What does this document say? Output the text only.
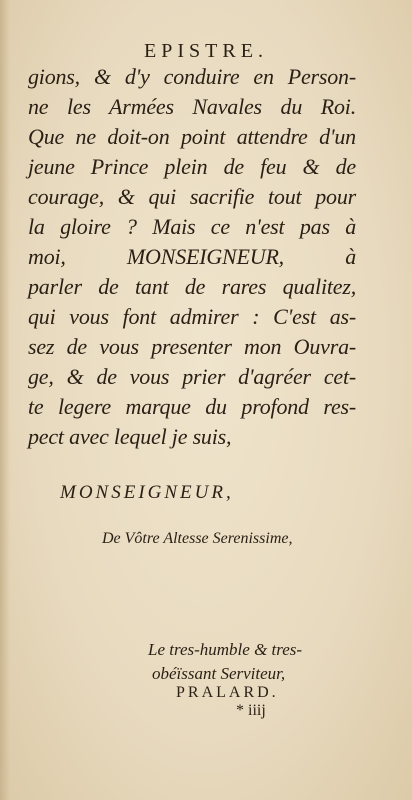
EPISTRE.
gions, & d'y conduire en Person-
ne les Armées Navales du Roi.
Que ne doit-on point attendre d'un
jeune Prince plein de feu & de
courage, & qui sacrifie tout pour
la gloire ? Mais ce n'est pas à
moi, MONSEIGNEUR, à
parler de tant de rares qualitez,
qui vous font admirer : C'est as-
sez de vous presenter mon Ouvra-
ge, & de vous prier d'agréer cet-
te legere marque du profond res-
pect avec lequel je suis,
MONSEIGNEUR,
De Vôtre Altesse Serenissime,
Le tres-humble & tres-
obéïssant Serviteur,
PRALARD.
* iiij
